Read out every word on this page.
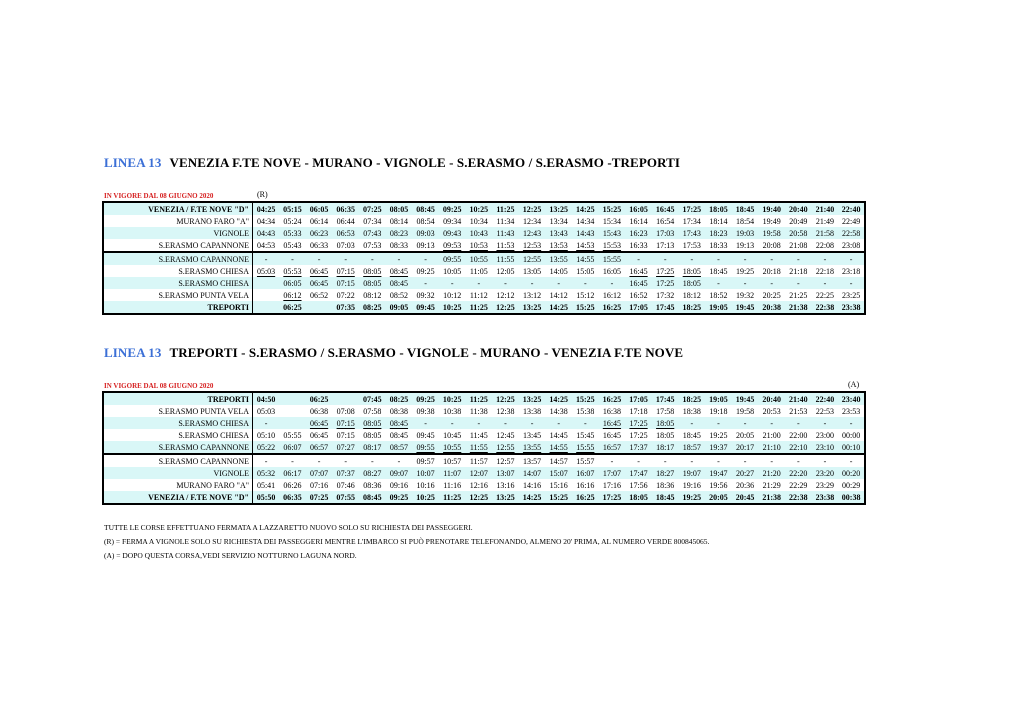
LINEA 13 VENEZIA F.TE NOVE - MURANO - VIGNOLE - S.ERASMO / S.ERASMO -TREPORTI
IN VIGORE DAL 08 GIUGNO 2020	(R)
VENEZIA / F.TE NOVE "D"	04:25	05:15	06:05	06:35	07:25	08:05	08:45	09:25	10:25	11:25	12:25	13:25	14:25	15:25	16:05	16:45	17:25	18:05	18:45	19:40	20:40	21:40	22:40
MURANO FARO "A"	04:34	05:24	06:14	06:44	07:34	08:14	08:54	09:34	10:34	11:34	12:34	13:34	14:34	15:34	16:14	16:54	17:34	18:14	18:54	19:49	20:49	21:49	22:49
VIGNOLE	04:43	05:33	06:23	06:53	07:43	08:23	09:03	09:43	10:43	11:43	12:43	13:43	14:43	15:43	16:23	17:03	17:43	18:23	19:03	19:58	20:58	21:58	22:58
S.ERASMO CAPANNONE	04:53	05:43	06:33	07:03	07:53	08:33	09:13	09:53	10:53	11:53	12:53	13:53	14:53	15:53	16:33	17:13	17:53	18:33	19:13	20:08	21:08	22:08	23:08
S.ERASMO CAPANNONE	-	-	-	-	-	-	-	09:55	10:55	11:55	12:55	13:55	14:55	15:55	-	-	-	-	-	-	-	-	-
S.ERASMO CHIESA	05:03	05:53	06:45	07:15	08:05	08:45	09:25	10:05	11:05	12:05	13:05	14:05	15:05	16:05	16:45	17:25	18:05	18:45	19:25	20:18	21:18	22:18	23:18
S.ERASMO CHIESA		06:05	06:45	07:15	08:05	08:45	-	-	-	-	-	-	-	-	16:45	17:25	18:05	-	-	-	-	-	-
S.ERASMO PUNTA VELA		06:12	06:52	07:22	08:12	08:52	09:32	10:12	11:12	12:12	13:12	14:12	15:12	16:12	16:52	17:32	18:12	18:52	19:32	20:25	21:25	22:25	23:25
TREPORTI		06:25		07:35	08:25	09:05	09:45	10:25	11:25	12:25	13:25	14:25	15:25	16:25	17:05	17:45	18:25	19:05	19:45	20:38	21:38	22:38	23:38
LINEA 13 TREPORTI - S.ERASMO / S.ERASMO - VIGNOLE - MURANO - VENEZIA F.TE NOVE
IN VIGORE DAL 08 GIUGNO 2020	(A)
TREPORTI	04:50		06:25		07:45	08:25	09:25	10:25	11:25	12:25	13:25	14:25	15:25	16:25	17:05	17:45	18:25	19:05	19:45	20:40	21:40	22:40	23:40
S.ERASMO PUNTA VELA	05:03		06:38	07:08	07:58	08:38	09:38	10:38	11:38	12:38	13:38	14:38	15:38	16:38	17:18	17:58	18:38	19:18	19:58	20:53	21:53	22:53	23:53
S.ERASMO CHIESA	-		06:45	07:15	08:05	08:45	-	-	-	-	-	-	-	16:45	17:25	18:05	-	-	-	-	-	-	-
S.ERASMO CHIESA	05:10	05:55	06:45	07:15	08:05	08:45	09:45	10:45	11:45	12:45	13:45	14:45	15:45	16:45	17:25	18:05	18:45	19:25	20:05	21:00	22:00	23:00	00:00
S.ERASMO CAPANNONE	05:22	06:07	06:57	07:27	08:17	08:57	09:55	10:55	11:55	12:55	13:55	14:55	15:55	16:57	17:37	18:17	18:57	19:37	20:17	21:10	22:10	23:10	00:10
S.ERASMO CAPANNONE	-	-	-	-	-	-	09:57	10:57	11:57	12:57	13:57	14:57	15:57	-	-	-	-	-	-	-	-	-	-
VIGNOLE	05:32	06:17	07:07	07:37	08:27	09:07	10:07	11:07	12:07	13:07	14:07	15:07	16:07	17:07	17:47	18:27	19:07	19:47	20:27	21:20	22:20	23:20	00:20
MURANO FARO "A"	05:41	06:26	07:16	07:46	08:36	09:16	10:16	11:16	12:16	13:16	14:16	15:16	16:16	17:16	17:56	18:36	19:16	19:56	20:36	21:29	22:29	23:29	00:29
VENEZIA / F.TE NOVE "D"	05:50	06:35	07:25	07:55	08:45	09:25	10:25	11:25	12:25	13:25	14:25	15:25	16:25	17:25	18:05	18:45	19:25	20:05	20:45	21:38	22:38	23:38	00:38
TUTTE LE CORSE EFFETTUANO FERMATA A LAZZARETTO NUOVO SOLO SU RICHIESTA DEI PASSEGGERI.
(R) = FERMA A VIGNOLE SOLO SU RICHIESTA DEI PASSEGGERI MENTRE L'IMBARCO SI PUÒ PRENOTARE TELEFONANDO, ALMENO 20' PRIMA, AL NUMERO VERDE 800845065.
(A) = DOPO QUESTA CORSA,VEDI SERVIZIO NOTTURNO LAGUNA NORD.
